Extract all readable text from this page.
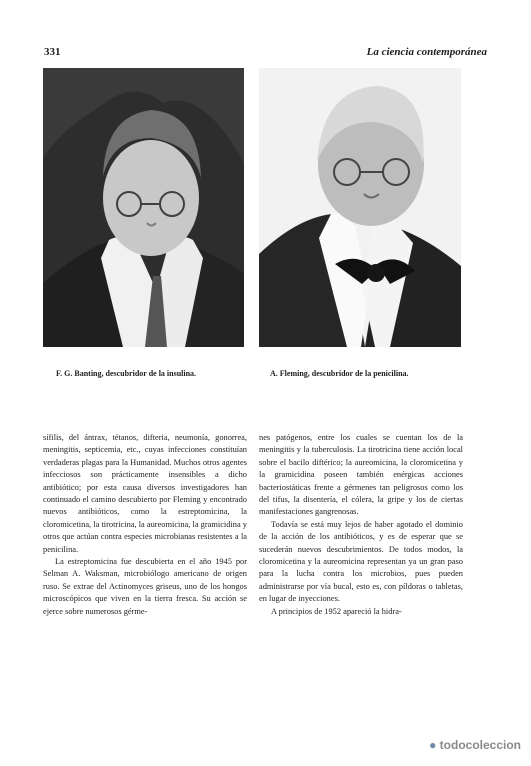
331	La ciencia contemporánea
F. G. Banting, descubridor de la insulina.	A. Fleming, descubridor de la penicilina.

sífilis, del ántrax, tétanos, difteria, neumonía, gonorrea, meningitis, septicemia, etc., cuyas infecciones constituían verdaderas plagas para la Humanidad. Muchos otros agentes infecciosos son prácticamente insensibles a dicho antibiótico; por esta causa diversos investigadores han continuado el camino descubierto por Fleming y encontrado nuevos antibióticos, como la estreptomicina, la cloromicetina, la tirotricina, la aureomicina, la gramicidina y otros que actúan contra especies microbianas resistentes a la penicilina.

La estreptomicina fue descubierta en el año 1945 por Selman A. Waksman, microbiólogo americano de origen ruso. Se extrae del Actinomyces griseus, uno de los hongos microscópicos que viven en la tierra fresca. Su acción se ejerce sobre numerosos gérme-

nes patógenos, entre los cuales se cuentan los de la meningitis y la tuberculosis. La tirotricina tiene acción local sobre el bacilo diftérico; la aureomicina, la cloromicetina y la gramicidina poseen también enérgicas acciones bacteriostáticas frente a gérmenes tan peligrosos como los del tifus, la disentería, el cólera, la gripe y los de ciertas manifestaciones gangrenosas.

Todavía se está muy lejos de haber agotado el dominio de la acción de los antibióticos, y es de esperar que se sucederán nuevos descubrimientos. De todos modos, la cloromicetina y la aureomicina representan ya un gran paso para la lucha contra los microbios, pues pueden administrarse por vía bucal, esto es, con píldoras o tabletas, en lugar de inyecciones.

A principios de 1952 apareció la hidra-

● todocoleccion
